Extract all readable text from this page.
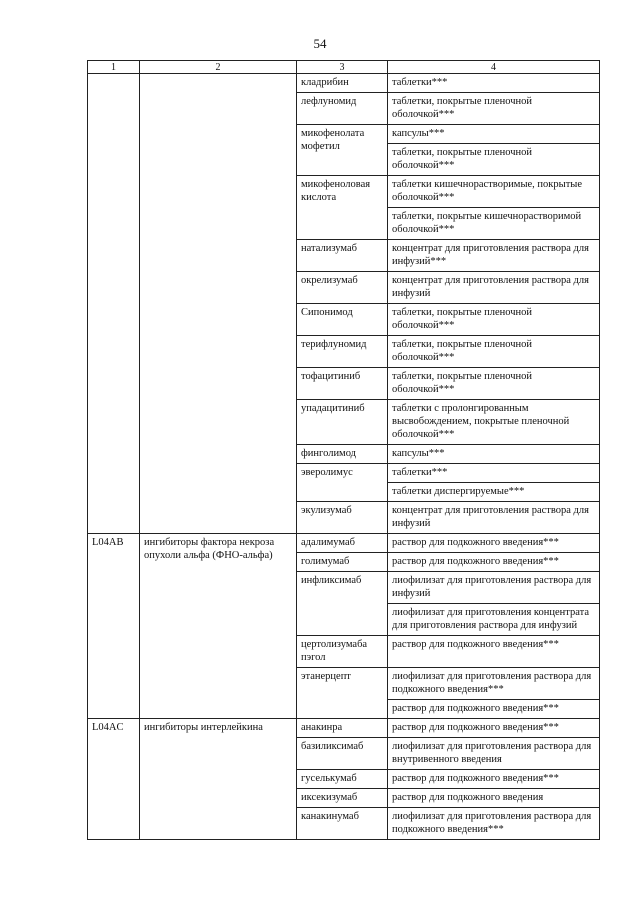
54
1	2	3	4
		кладрибин	таблетки***
		лефлуномид	таблетки, покрытые пленочной оболочкой***
		микофенолата мофетил	капсулы***
			таблетки, покрытые пленочной оболочкой***
		микофеноловая кислота	таблетки кишечнорастворимые, покрытые оболочкой***
			таблетки, покрытые кишечнорастворимой оболочкой***
		натализумаб	концентрат для приготовления раствора для инфузий***
		окрелизумаб	концентрат для приготовления раствора для инфузий
		Сипонимод	таблетки, покрытые пленочной оболочкой***
		терифлуномид	таблетки, покрытые пленочной оболочкой***
		тофацитиниб	таблетки, покрытые пленочной оболочкой***
		упадацитиниб	таблетки с пролонгированным высвобождением, покрытые пленочной оболочкой***
		финголимод	капсулы***
		эверолимус	таблетки***
			таблетки диспергируемые***
		экулизумаб	концентрат для приготовления раствора для инфузий
L04AB	ингибиторы фактора некроза опухоли альфа (ФНО-альфа)	адалимумаб	раствор для подкожного введения***
		голимумаб	раствор для подкожного введения***
		инфликсимаб	лиофилизат для приготовления раствора для инфузий
			лиофилизат для приготовления концентрата для приготовления раствора для инфузий
		цертолизумаба пэгол	раствор для подкожного введения***
		этанерцепт	лиофилизат для приготовления раствора для подкожного введения***
			раствор для подкожного введения***
L04AC	ингибиторы интерлейкина	анакинра	раствор для подкожного введения***
		базиликсимаб	лиофилизат для приготовления раствора для внутривенного введения
		гуселькумаб	раствор для подкожного введения***
		иксекизумаб	раствор для подкожного введения
		канакинумаб	лиофилизат для приготовления раствора для подкожного введения***
